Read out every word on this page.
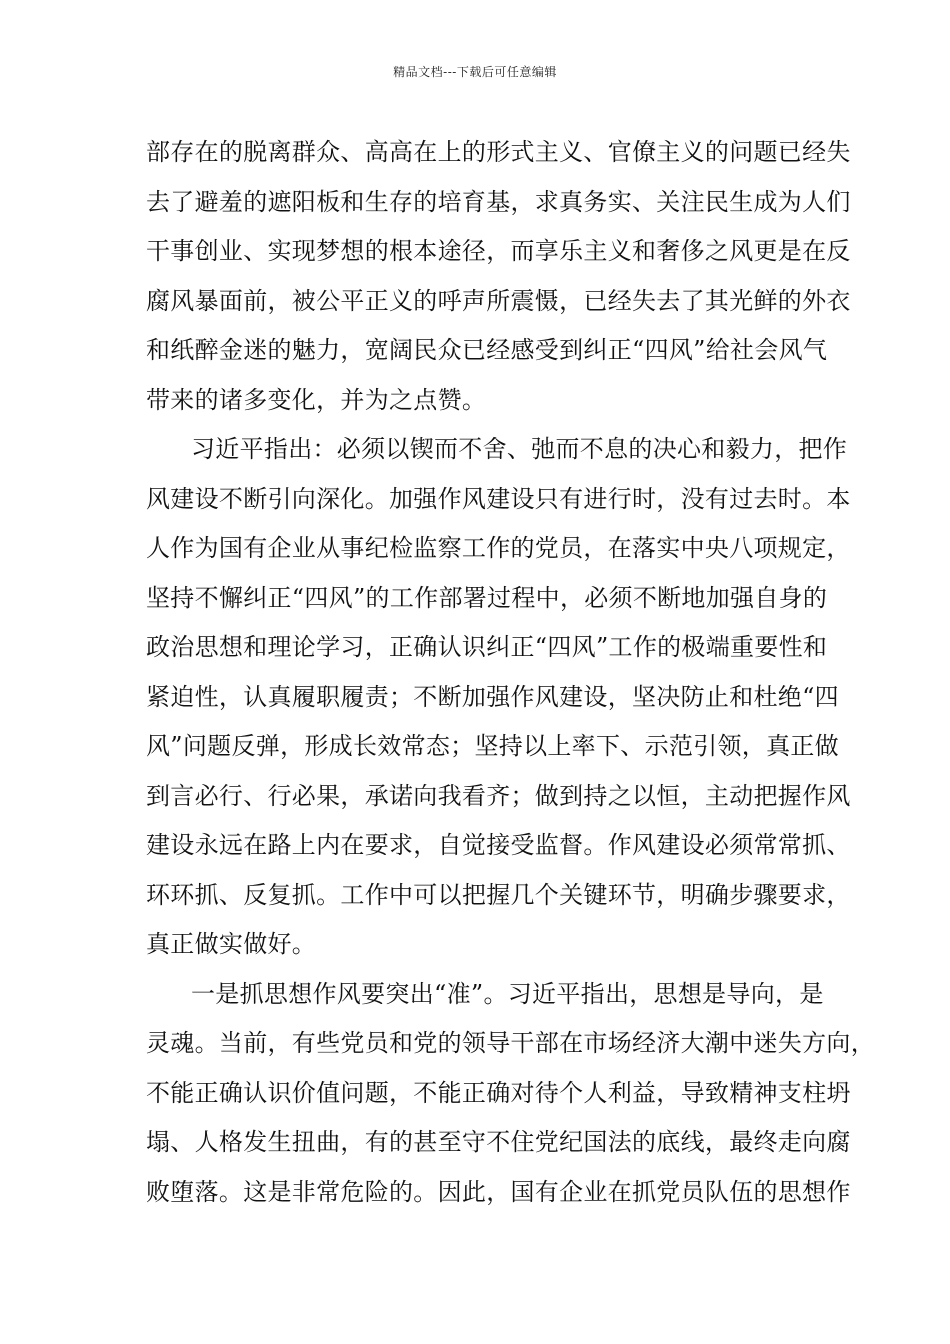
精品文档---下载后可任意编辑
部存在的脱离群众、高高在上的形式主义、官僚主义的问题已经失
去了避羞的遮阳板和生存的培育基，求真务实、关注民生成为人们
干事创业、实现梦想的根本途径，而享乐主义和奢侈之风更是在反
腐风暴面前，被公平正义的呼声所震慑，已经失去了其光鲜的外衣
和纸醉金迷的魅力，宽阔民众已经感受到纠正“四风”给社会风气
带来的诸多变化，并为之点赞。
习近平指出：必须以锲而不舍、弛而不息的决心和毅力，把作
风建设不断引向深化。加强作风建设只有进行时，没有过去时。本
人作为国有企业从事纪检监察工作的党员，在落实中央八项规定，
坚持不懈纠正“四风”的工作部署过程中，必须不断地加强自身的
政治思想和理论学习，正确认识纠正“四风”工作的极端重要性和
紧迫性，认真履职履责；不断加强作风建设，坚决防止和杜绝“四
风”问题反弹，形成长效常态；坚持以上率下、示范引领，真正做
到言必行、行必果，承诺向我看齐；做到持之以恒，主动把握作风
建设永远在路上内在要求，自觉接受监督。作风建设必须常常抓、
环环抓、反复抓。工作中可以把握几个关键环节，明确步骤要求，
真正做实做好。
一是抓思想作风要突出“准”。习近平指出，思想是导向，是
灵魂。当前，有些党员和党的领导干部在市场经济大潮中迷失方向，
不能正确认识价值问题，不能正确对待个人利益，导致精神支柱坍
塌、人格发生扭曲，有的甚至守不住党纪国法的底线，最终走向腐
败堕落。这是非常危险的。因此，国有企业在抓党员队伍的思想作
